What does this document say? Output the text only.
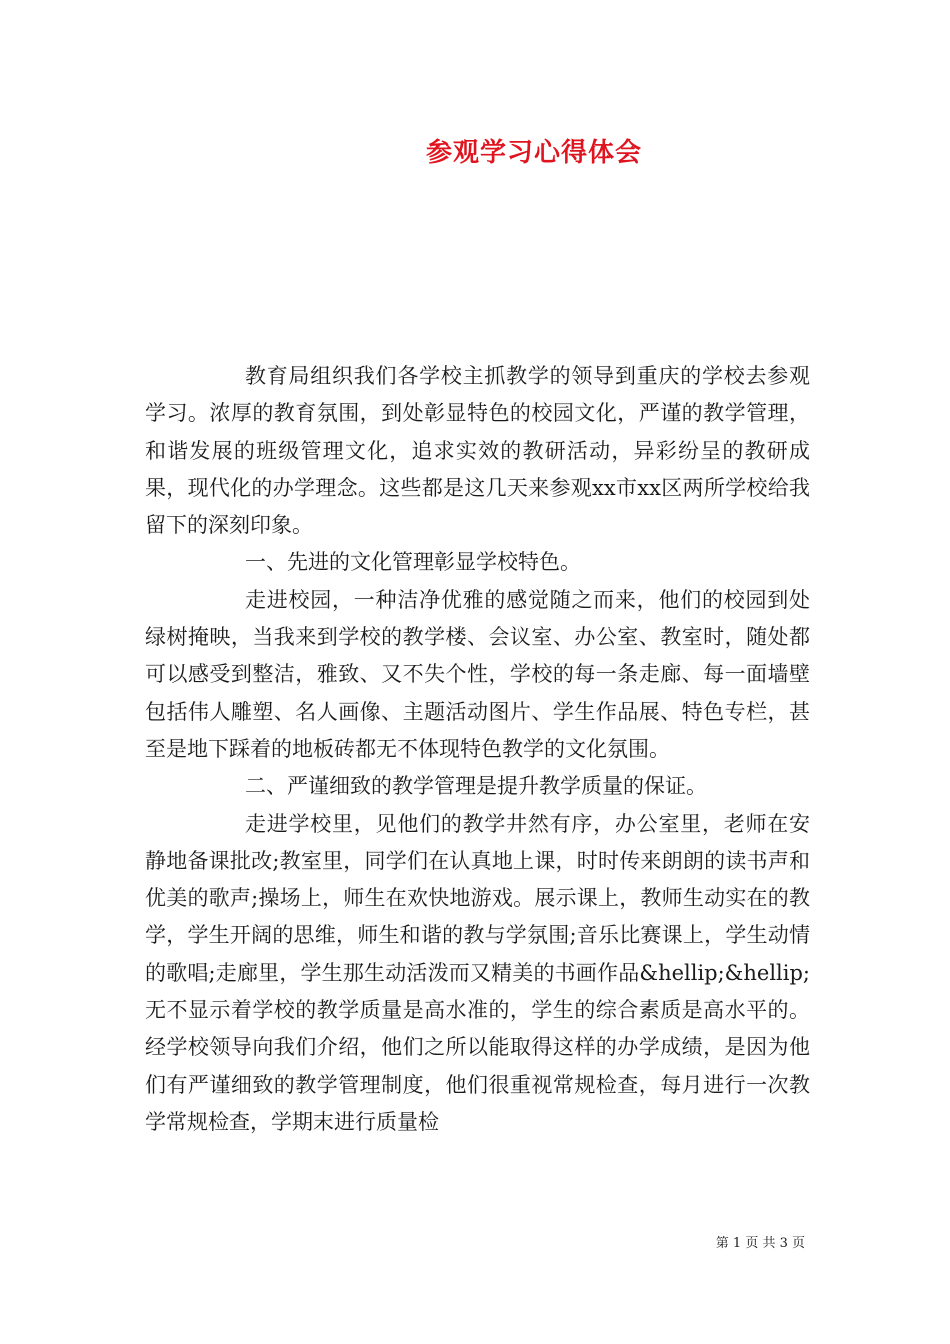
参观学习心得体会

教育局组织我们各学校主抓教学的领导到重庆的学校去参观学习。浓厚的教育氛围，到处彰显特色的校园文化，严谨的教学管理，和谐发展的班级管理文化，追求实效的教研活动，异彩纷呈的教研成果，现代化的办学理念。这些都是这几天来参观xx市xx区两所学校给我留下的深刻印象。

一、先进的文化管理彰显学校特色。

走进校园，一种洁净优雅的感觉随之而来，他们的校园到处绿树掩映，当我来到学校的教学楼、会议室、办公室、教室时，随处都可以感受到整洁，雅致、又不失个性，学校的每一条走廊、每一面墙壁包括伟人雕塑、名人画像、主题活动图片、学生作品展、特色专栏，甚至是地下踩着的地板砖都无不体现特色教学的文化氛围。

二、严谨细致的教学管理是提升教学质量的保证。

走进学校里，见他们的教学井然有序，办公室里，老师在安静地备课批改;教室里，同学们在认真地上课，时时传来朗朗的读书声和优美的歌声;操场上，师生在欢快地游戏。展示课上，教师生动实在的教学，学生开阔的思维，师生和谐的教与学氛围;音乐比赛课上，学生动情的歌唱;走廊里，学生那生动活泼而又精美的书画作品&hellip;&hellip;无不显示着学校的教学质量是高水准的，学生的综合素质是高水平的。经学校领导向我们介绍，他们之所以能取得这样的办学成绩，是因为他们有严谨细致的教学管理制度，他们很重视常规检查，每月进行一次教学常规检查，学期末进行质量检

第 1 页 共 3 页
